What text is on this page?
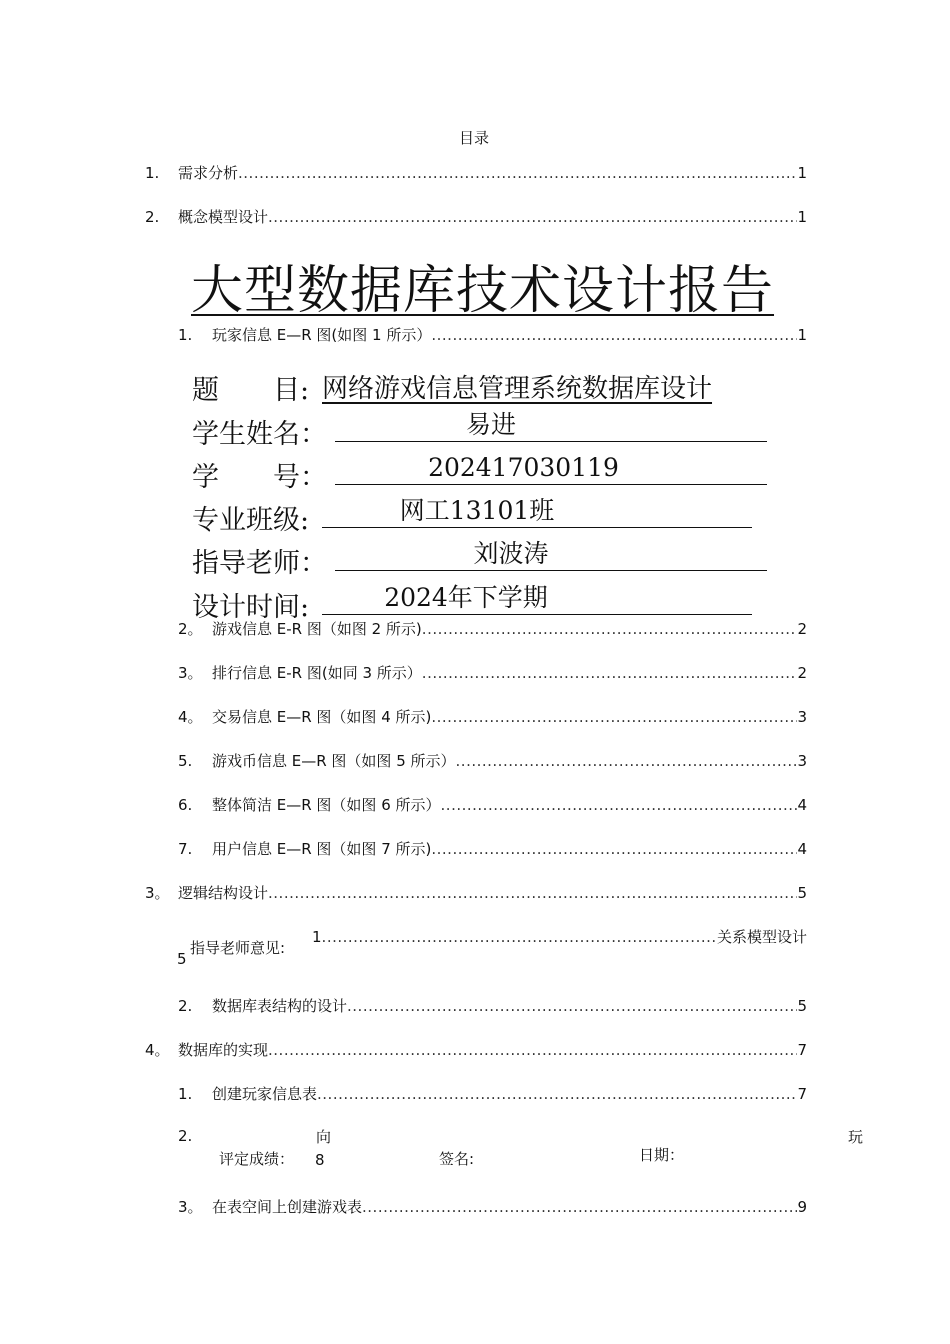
目录
1.	需求分析 .....	1
2.	概念模型设计 .....	1
大型数据库技术设计报告
1.	玩家信息 E—R 图(如图 1 所示） .....	1
题　　目: 网络游戏信息管理系统数据库设计
学生姓名：	易进
学　　号：	202417030119
专业班级:	网工13101班
指导老师：	刘波涛
设计时间:	2024年下学期
2。 游戏信息 E-R 图（如图 2 所示) .....	2
3。 排行信息 E-R 图(如同 3 所示） .....	2
4。 交易信息 E—R 图（如图 4 所示) .....	3
5.	游戏币信息 E—R 图（如图 5 所示） .....	3
6.	整体简洁 E—R 图（如图 6 所示） .....	4
7.	用户信息 E—R 图（如图 7 所示) .....	4
3。 逻辑结构设计 .....	5
1 .....	关系模型设计
5
指导老师意见:
2.	数据库表结构的设计 .....	5
4。 数据库的实现 .....	7
1.	创建玩家信息表 .....	7
2.	向	玩
8
评定成绩：	签名:	日期：
3。 在表空间上创建游戏表 .....	9
